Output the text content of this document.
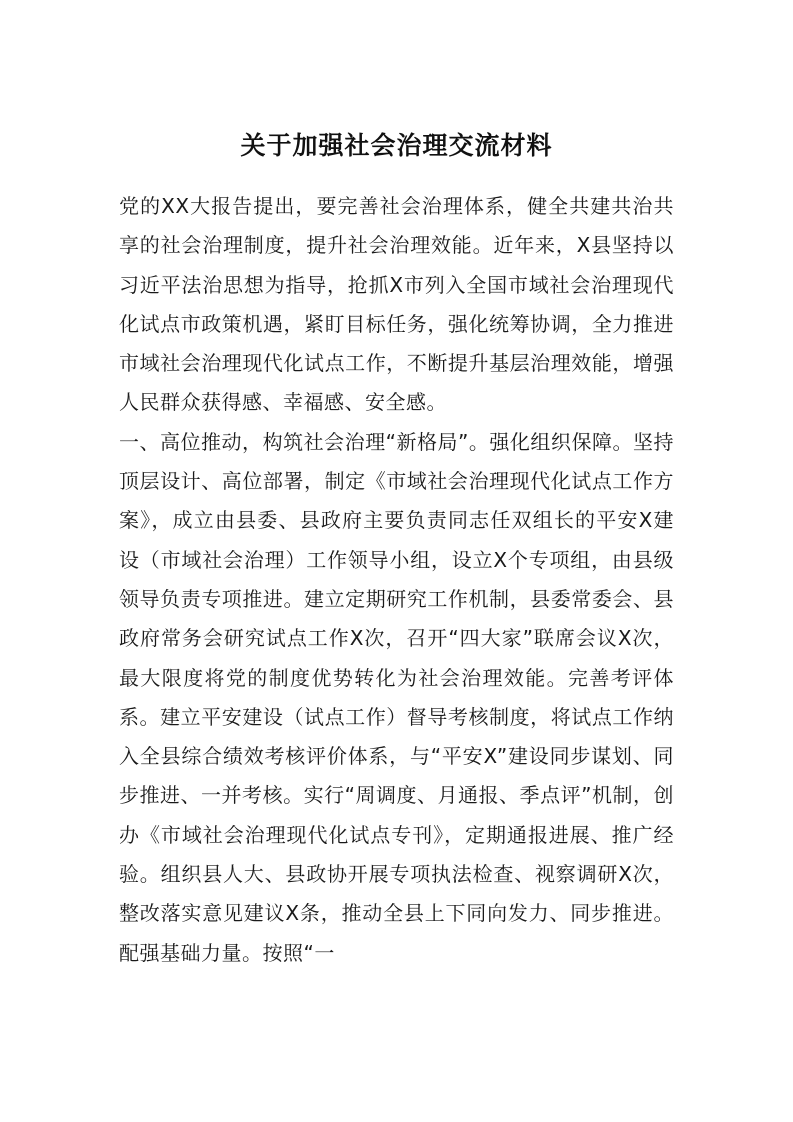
关于加强社会治理交流材料

党的XX大报告提出，要完善社会治理体系，健全共建共治共享的社会治理制度，提升社会治理效能。近年来，X县坚持以习近平法治思想为指导，抢抓X市列入全国市域社会治理现代化试点市政策机遇，紧盯目标任务，强化统筹协调，全力推进市域社会治理现代化试点工作，不断提升基层治理效能，增强人民群众获得感、幸福感、安全感。

一、高位推动，构筑社会治理“新格局”。强化组织保障。坚持顶层设计、高位部署，制定《市域社会治理现代化试点工作方案》，成立由县委、县政府主要负责同志任双组长的平安X建设（市域社会治理）工作领导小组，设立X个专项组，由县级领导负责专项推进。建立定期研究工作机制，县委常委会、县政府常务会研究试点工作X次，召开“四大家”联席会议X次，最大限度将党的制度优势转化为社会治理效能。完善考评体系。建立平安建设（试点工作）督导考核制度，将试点工作纳入全县综合绩效考核评价体系，与“平安X”建设同步谋划、同步推进、一并考核。实行“周调度、月通报、季点评”机制，创办《市域社会治理现代化试点专刊》，定期通报进展、推广经验。组织县人大、县政协开展专项执法检查、视察调研X次，整改落实意见建议X条，推动全县上下同向发力、同步推进。配强基础力量。按照“一
